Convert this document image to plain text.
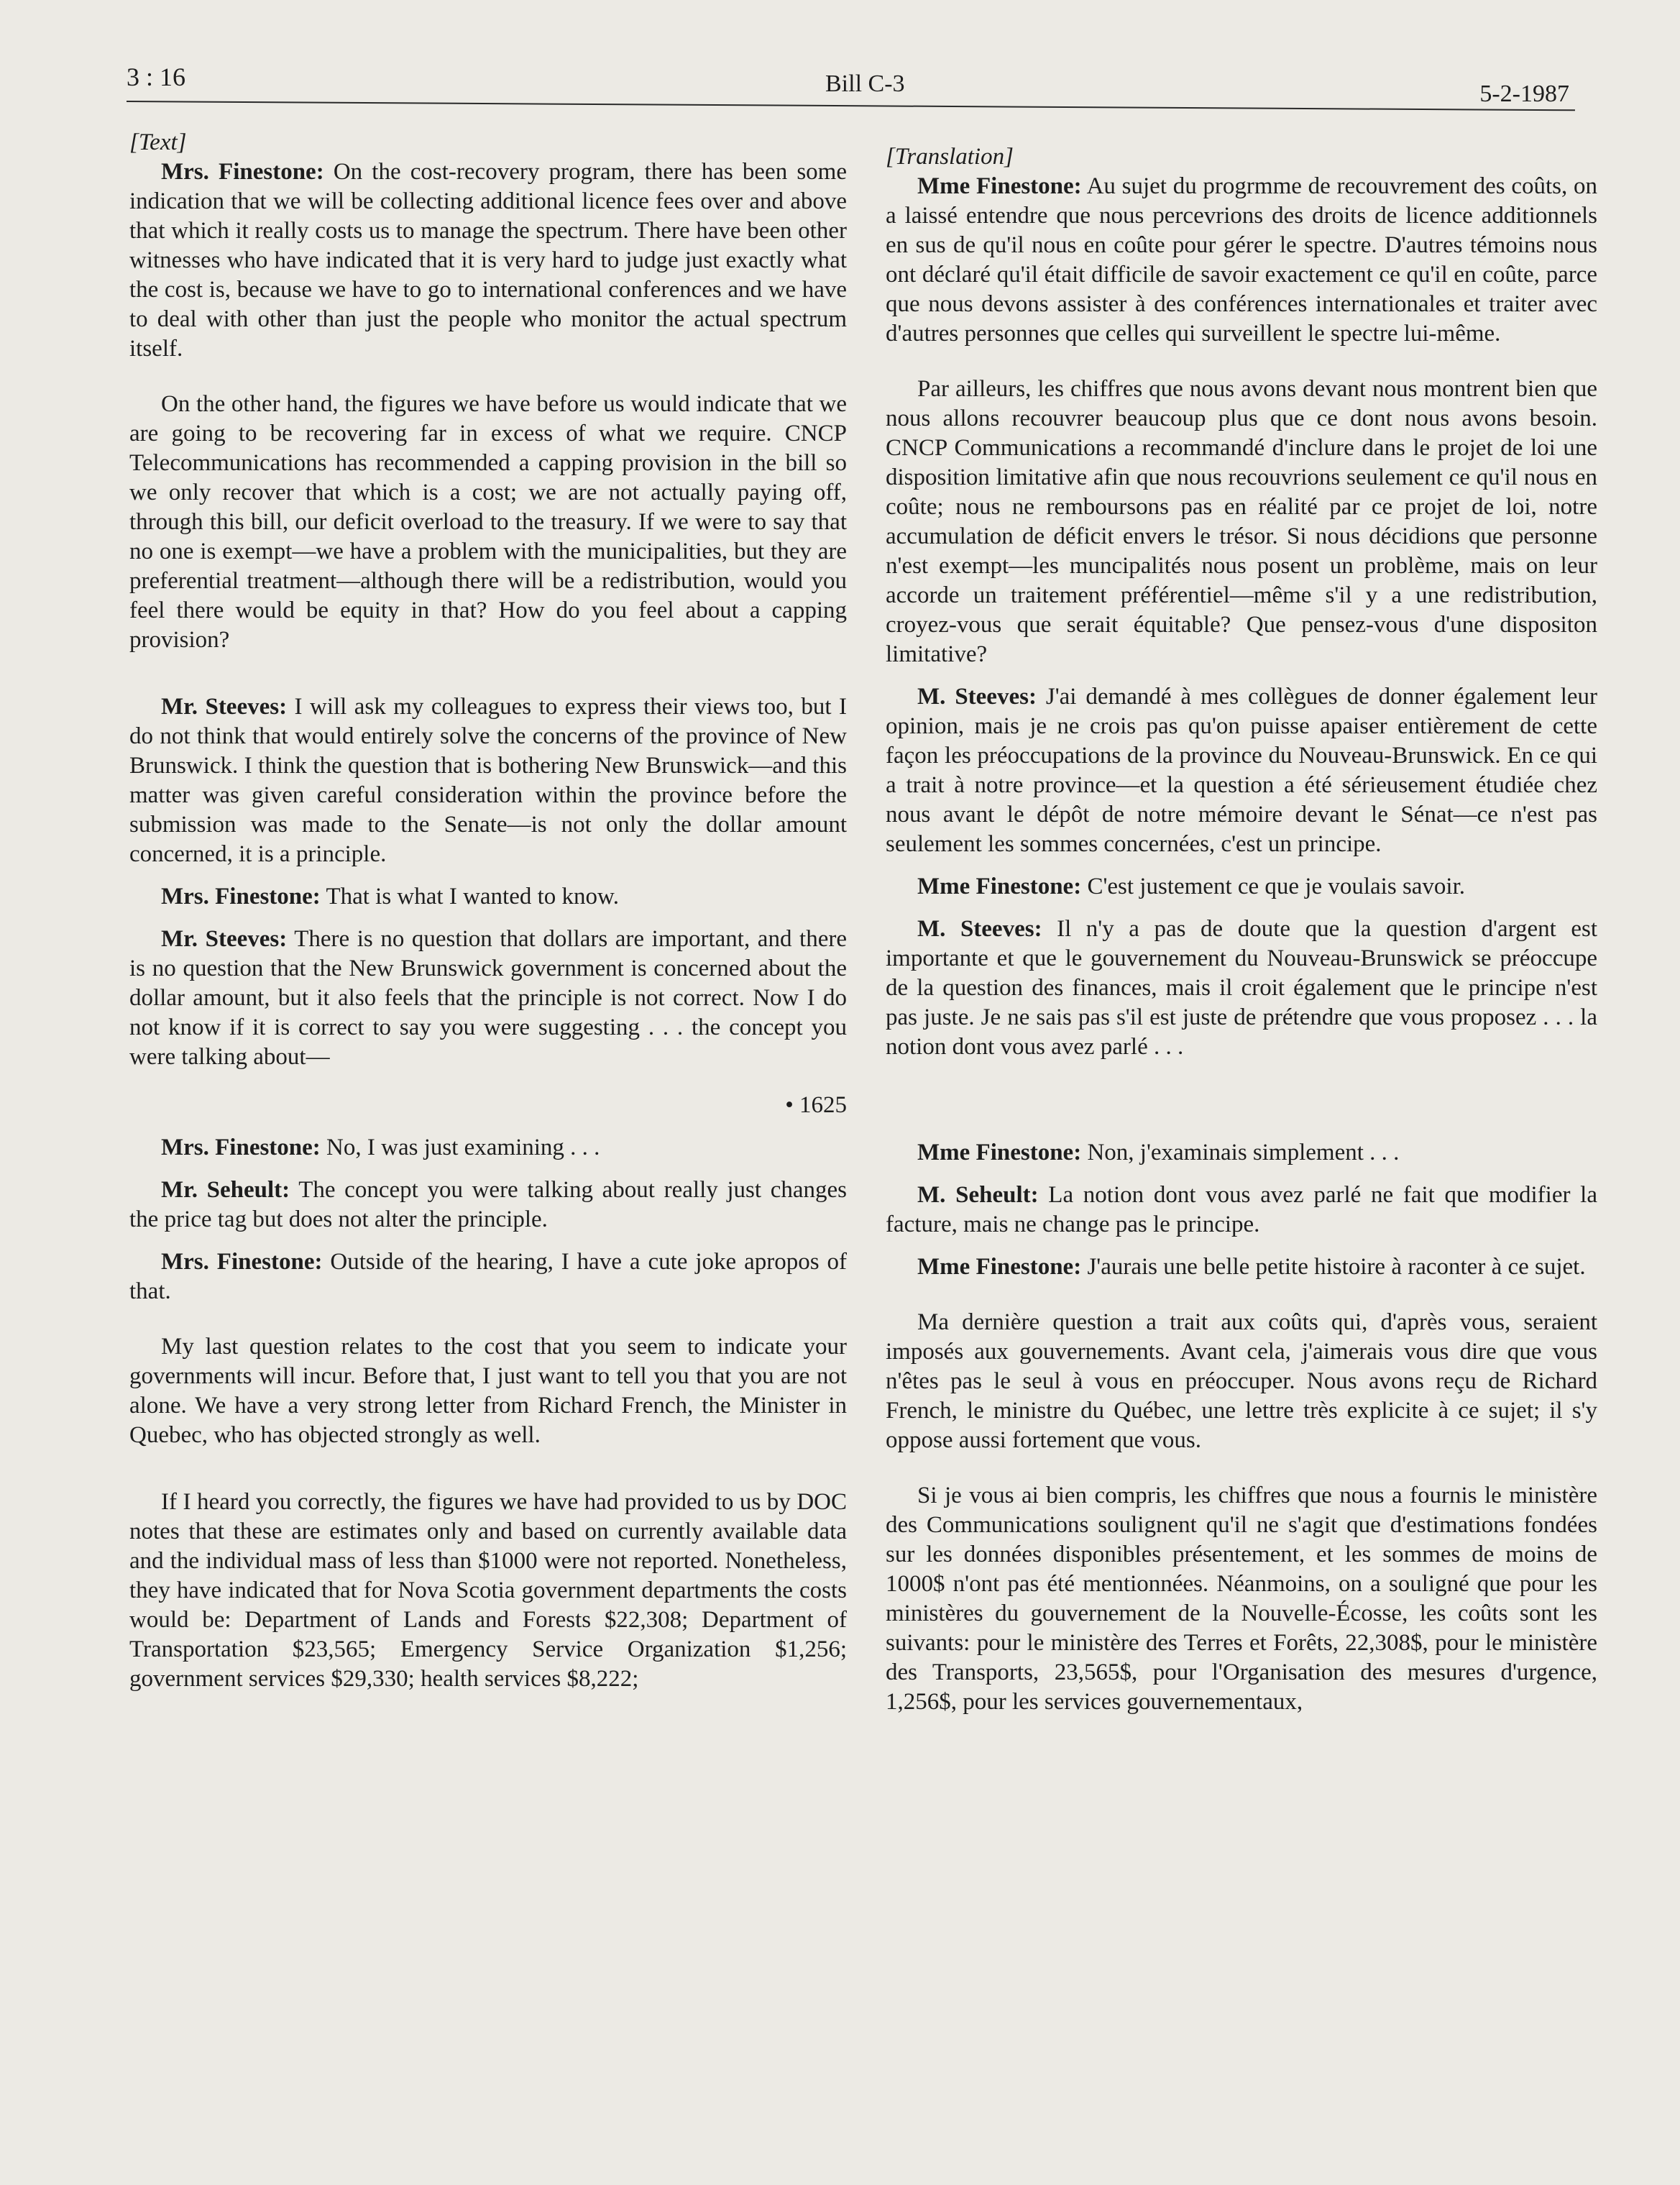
3 : 16	Bill C-3	5-2-1987

[Text]

Mrs. Finestone: On the cost-recovery program, there has been some indication that we will be collecting additional licence fees over and above that which it really costs us to manage the spectrum. There have been other witnesses who have indicated that it is very hard to judge just exactly what the cost is, because we have to go to international conferences and we have to deal with other than just the people who monitor the actual spectrum itself.

On the other hand, the figures we have before us would indicate that we are going to be recovering far in excess of what we require. CNCP Telecommunications has recommended a capping provision in the bill so we only recover that which is a cost; we are not actually paying off, through this bill, our deficit overload to the treasury. If we were to say that no one is exempt—we have a problem with the municipalities, but they are preferential treatment—although there will be a redistribution, would you feel there would be equity in that? How do you feel about a capping provision?

Mr. Steeves: I will ask my colleagues to express their views too, but I do not think that would entirely solve the concerns of the province of New Brunswick. I think the question that is bothering New Brunswick—and this matter was given careful consideration within the province before the submission was made to the Senate—is not only the dollar amount concerned, it is a principle.

Mrs. Finestone: That is what I wanted to know.

Mr. Steeves: There is no question that dollars are important, and there is no question that the New Brunswick government is concerned about the dollar amount, but it also feels that the principle is not correct. Now I do not know if it is correct to say you were suggesting . . . the concept you were talking about—

• 1625

Mrs. Finestone: No, I was just examining . . .

Mr. Seheult: The concept you were talking about really just changes the price tag but does not alter the principle.

Mrs. Finestone: Outside of the hearing, I have a cute joke apropos of that.

My last question relates to the cost that you seem to indicate your governments will incur. Before that, I just want to tell you that you are not alone. We have a very strong letter from Richard French, the Minister in Quebec, who has objected strongly as well.

If I heard you correctly, the figures we have had provided to us by DOC notes that these are estimates only and based on currently available data and the individual mass of less than $1000 were not reported. Nonetheless, they have indicated that for Nova Scotia government departments the costs would be: Department of Lands and Forests $22,308; Department of Transportation $23,565; Emergency Service Organization $1,256; government services $29,330; health services $8,222;

[Translation]

Mme Finestone: Au sujet du progrmme de recouvrement des coûts, on a laissé entendre que nous percevrions des droits de licence additionnels en sus de qu'il nous en coûte pour gérer le spectre. D'autres témoins nous ont déclaré qu'il était difficile de savoir exactement ce qu'il en coûte, parce que nous devons assister à des conférences internationales et traiter avec d'autres personnes que celles qui surveillent le spectre lui-même.

Par ailleurs, les chiffres que nous avons devant nous montrent bien que nous allons recouvrer beaucoup plus que ce dont nous avons besoin. CNCP Communications a recommandé d'inclure dans le projet de loi une disposition limitative afin que nous recouvrions seulement ce qu'il nous en coûte; nous ne remboursons pas en réalité par ce projet de loi, notre accumulation de déficit envers le trésor. Si nous décidions que personne n'est exempt—les muncipalités nous posent un problème, mais on leur accorde un traitement préférentiel—même s'il y a une redistribution, croyez-vous que serait équitable? Que pensez-vous d'une dispositon limitative?

M. Steeves: J'ai demandé à mes collègues de donner également leur opinion, mais je ne crois pas qu'on puisse apaiser entièrement de cette façon les préoccupations de la province du Nouveau-Brunswick. En ce qui a trait à notre province—et la question a été sérieusement étudiée chez nous avant le dépôt de notre mémoire devant le Sénat—ce n'est pas seulement les sommes concernées, c'est un principe.

Mme Finestone: C'est justement ce que je voulais savoir.

M. Steeves: Il n'y a pas de doute que la question d'argent est importante et que le gouvernement du Nouveau-Brunswick se préoccupe de la question des finances, mais il croit également que le principe n'est pas juste. Je ne sais pas s'il est juste de prétendre que vous proposez . . . la notion dont vous avez parlé . . .

Mme Finestone: Non, j'examinais simplement . . .

M. Seheult: La notion dont vous avez parlé ne fait que modifier la facture, mais ne change pas le principe.

Mme Finestone: J'aurais une belle petite histoire à raconter à ce sujet.

Ma dernière question a trait aux coûts qui, d'après vous, seraient imposés aux gouvernements. Avant cela, j'aimerais vous dire que vous n'êtes pas le seul à vous en préoccuper. Nous avons reçu de Richard French, le ministre du Québec, une lettre très explicite à ce sujet; il s'y oppose aussi fortement que vous.

Si je vous ai bien compris, les chiffres que nous a fournis le ministère des Communications soulignent qu'il ne s'agit que d'estimations fondées sur les données disponibles présentement, et les sommes de moins de 1000$ n'ont pas été mentionnées. Néanmoins, on a souligné que pour les ministères du gouvernement de la Nouvelle-Écosse, les coûts sont les suivants: pour le ministère des Terres et Forêts, 22,308$, pour le ministère des Transports, 23,565$, pour l'Organisation des mesures d'urgence, 1,256$, pour les services gouvernementaux,
